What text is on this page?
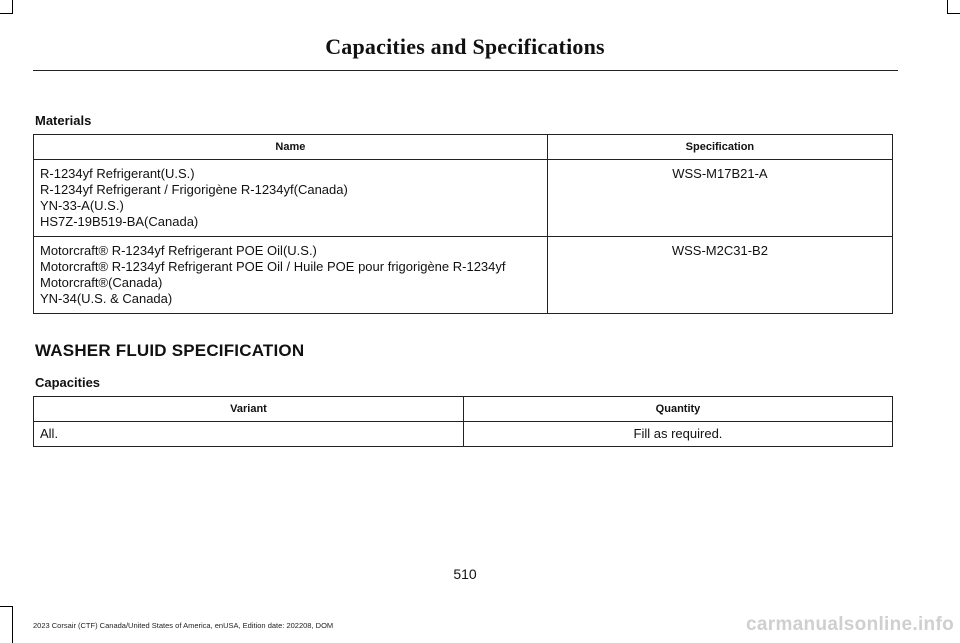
Capacities and Specifications
Materials
Name	Specification

R-1234yf Refrigerant(U.S.)
R-1234yf Refrigerant / Frigorigène R-1234yf(Canada)
YN-33-A(U.S.)
HS7Z-19B519-BA(Canada)	WSS-M17B21-A

Motorcraft® R-1234yf Refrigerant POE Oil(U.S.)
Motorcraft® R-1234yf Refrigerant POE Oil / Huile POE pour frigorigène R-1234yf
Motorcraft®(Canada)
YN-34(U.S. & Canada)	WSS-M2C31-B2
WASHER FLUID SPECIFICATION
Capacities
Variant	Quantity
All.	Fill as required.
510
2023 Corsair (CTF) Canada/United States of America, enUSA, Edition date: 202208, DOM	carmanualsonline.info
